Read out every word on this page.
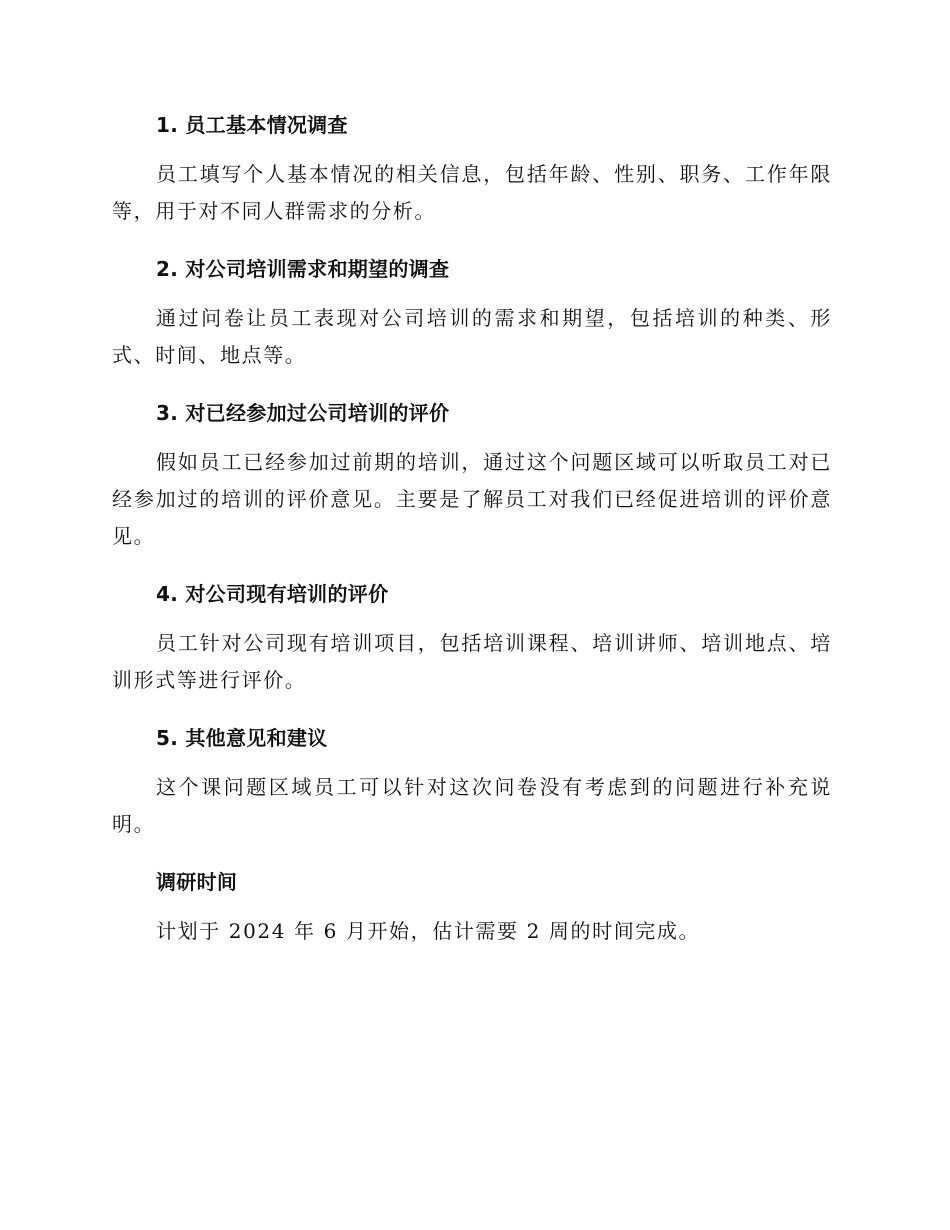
1. 员工基本情况调查

员工填写个人基本情况的相关信息，包括年龄、性别、职务、工作年限等，用于对不同人群需求的分析。

2. 对公司培训需求和期望的调查

通过问卷让员工表现对公司培训的需求和期望，包括培训的种类、形式、时间、地点等。

3. 对已经参加过公司培训的评价

假如员工已经参加过前期的培训，通过这个问题区域可以听取员工对已经参加过的培训的评价意见。主要是了解员工对我们已经促进培训的评价意见。

4. 对公司现有培训的评价

员工针对公司现有培训项目，包括培训课程、培训讲师、培训地点、培训形式等进行评价。

5. 其他意见和建议

这个课问题区域员工可以针对这次问卷没有考虑到的问题进行补充说明。

调研时间

计划于 2024 年 6 月开始，估计需要 2 周的时间完成。
